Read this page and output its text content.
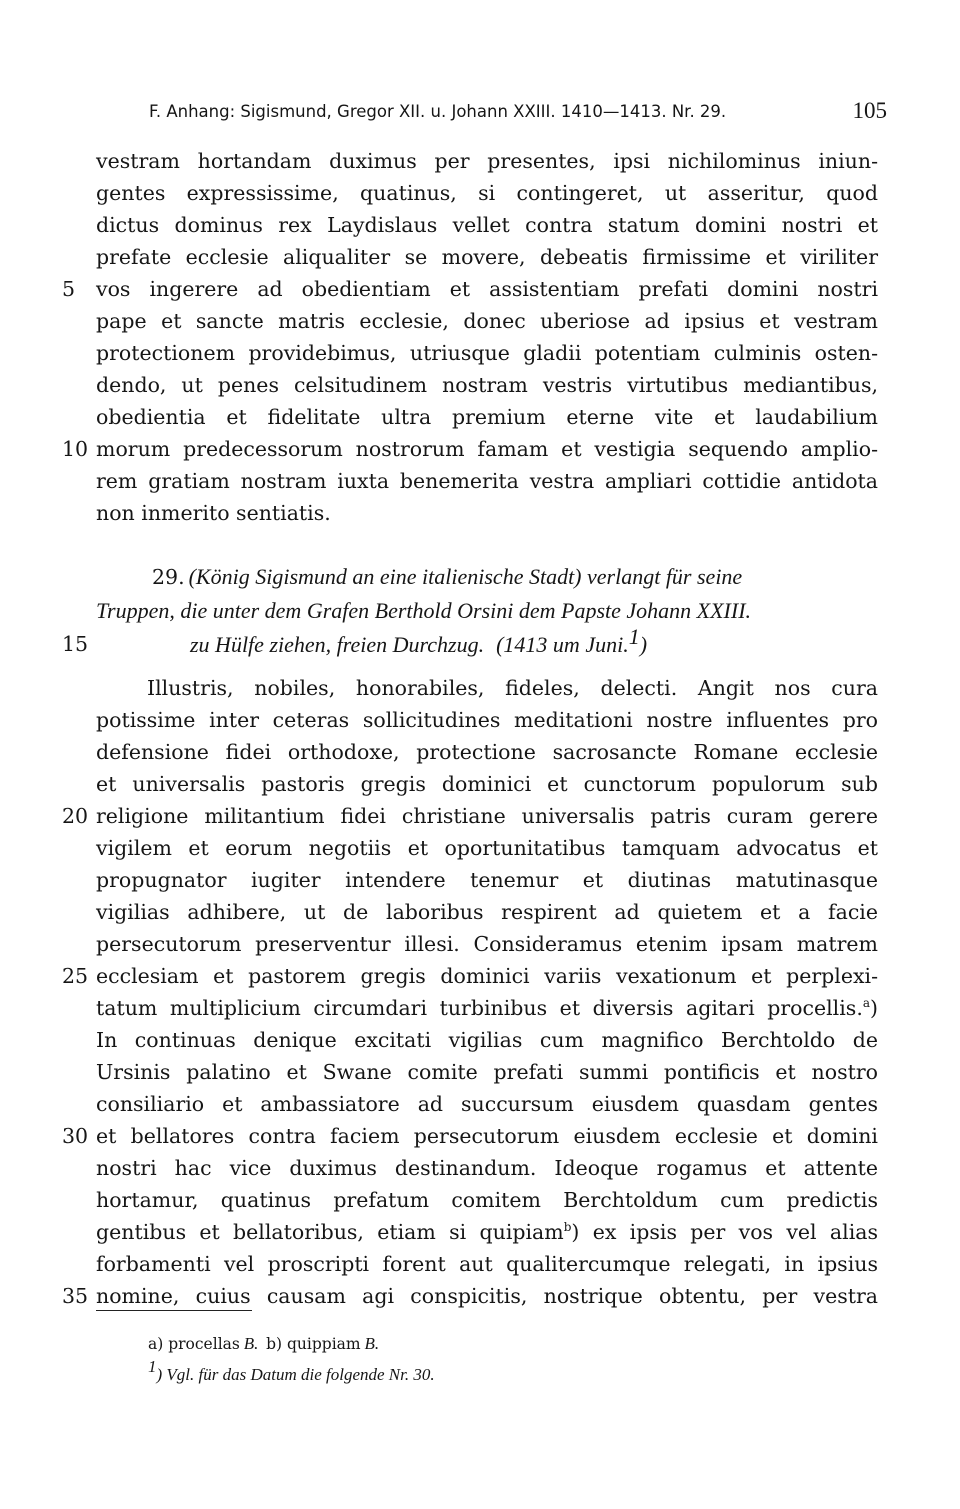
F. Anhang: Sigismund, Gregor XII. u. Johann XXIII. 1410—1413. Nr. 29.	105
vestram hortandam duximus per presentes, ipsi nichilominus iniun-
gentes expressissime, quatinus, si contingeret, ut asseritur, quod
dictus dominus rex Laydislaus vellet contra statum domini nostri et
prefate ecclesie aliqualiter se movere, debeatis firmissime et viriliter
vos ingerere ad obedientiam et assistentiam prefati domini nostri
pape et sancte matris ecclesie, donec uberiose ad ipsius et vestram
protectionem providebimus, utriusque gladii potentiam culminis osten-
dendo, ut penes celsitudinem nostram vestris virtutibus mediantibus,
obedientia et fidelitate ultra premium eterne vite et laudabilium
morum predecessorum nostrorum famam et vestigia sequendo amplio-
rem gratiam nostram iuxta benemerita vestra ampliari cottidie antidota
non inmerito sentiatis.
29. (König Sigismund an eine italienische Stadt) verlangt für seine
Truppen, die unter dem Grafen Berthold Orsini dem Papste Johann XXIII.
zu Hülfe ziehen, freien Durchzug. (1413 um Juni.$^1$)
Illustris, nobiles, honorabiles, fideles, delecti. Angit nos cura
potissime inter ceteras sollicitudines meditationi nostre influentes pro
defensione fidei orthodoxe, protectione sacrosancte Romane ecclesie
et universalis pastoris gregis dominici et cunctorum populorum sub
religione militantium fidei christiane universalis patris curam gerere
vigilem et eorum negotiis et oportunitatibus tamquam advocatus et
propugnator iugiter intendere tenemur et diutinas matutinasque
vigilias adhibere, ut de laboribus respirent ad quietem et a facie
persecutorum preserventur illesi. Consideramus etenim ipsam matrem
ecclesiam et pastorem gregis dominici variis vexationum et perplexi-
tatum multiplicium circumdari turbinibus et diversis agitari procellis.$^a$)
In continuas denique excitati vigilias cum magnifico Berchtoldo de
Ursinis palatino et Swane comite prefati summi pontificis et nostro
consiliario et ambassiatore ad succursum eiusdem quasdam gentes
et bellatores contra faciem persecutorum eiusdem ecclesie et domini
nostri hac vice duximus destinandum. Ideoque rogamus et attente
hortamur, quatinus prefatum comitem Berchtoldum cum predictis
gentibus et bellatoribus, etiam si quipiam$^b$) ex ipsis per vos vel alias
forbamenti vel proscripti forent aut qualitercumque relegati, in ipsius
nomine, cuius causam agi conspicitis, nostrique obtentu, per vestra
5
10
15
20
25
30
35
a) procellas B. b) quippiam B.
$^1$) Vgl. für das Datum die folgende Nr. 30.
